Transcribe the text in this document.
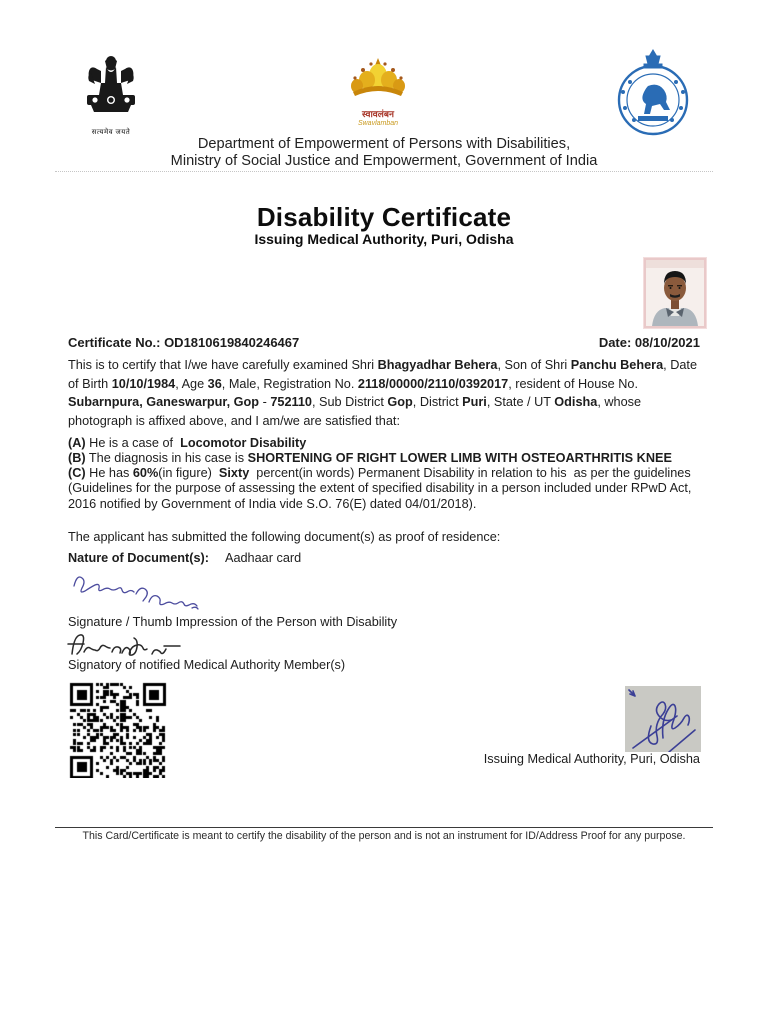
सत्यमेव जयते
स्वावलंबन
Swavlamban
Department of Empowerment of Persons with Disabilities,
Ministry of Social Justice and Empowerment, Government of India
Disability Certificate
Issuing Medical Authority, Puri, Odisha
Certificate No.: OD1810619840246467	Date: 08/10/2021
This is to certify that I/we have carefully examined Shri Bhagyadhar Behera, Son of Shri Panchu Behera, Date of Birth 10/10/1984, Age 36, Male, Registration No. 2118/00000/2110/0392017, resident of House No. Subarnpura, Ganeswarpur, Gop - 752110, Sub District Gop, District Puri, State / UT Odisha, whose photograph is affixed above, and I am/we are satisfied that:
(A) He is a case of  Locomotor Disability
(B) The diagnosis in his case is SHORTENING OF RIGHT LOWER LIMB WITH OSTEOARTHRITIS KNEE
(C) He has 60%(in figure)  Sixty  percent(in words) Permanent Disability in relation to his  as per the guidelines (Guidelines for the purpose of assessing the extent of specified disability in a person included under RPwD Act, 2016 notified by Government of India vide S.O. 76(E) dated 04/01/2018).
The applicant has submitted the following document(s) as proof of residence:
Nature of Document(s): Aadhaar card
Signature / Thumb Impression of the Person with Disability
Signatory of notified Medical Authority Member(s)
Issuing Medical Authority, Puri, Odisha
This Card/Certificate is meant to certify the disability of the person and is not an instrument for ID/Address Proof for any purpose.
